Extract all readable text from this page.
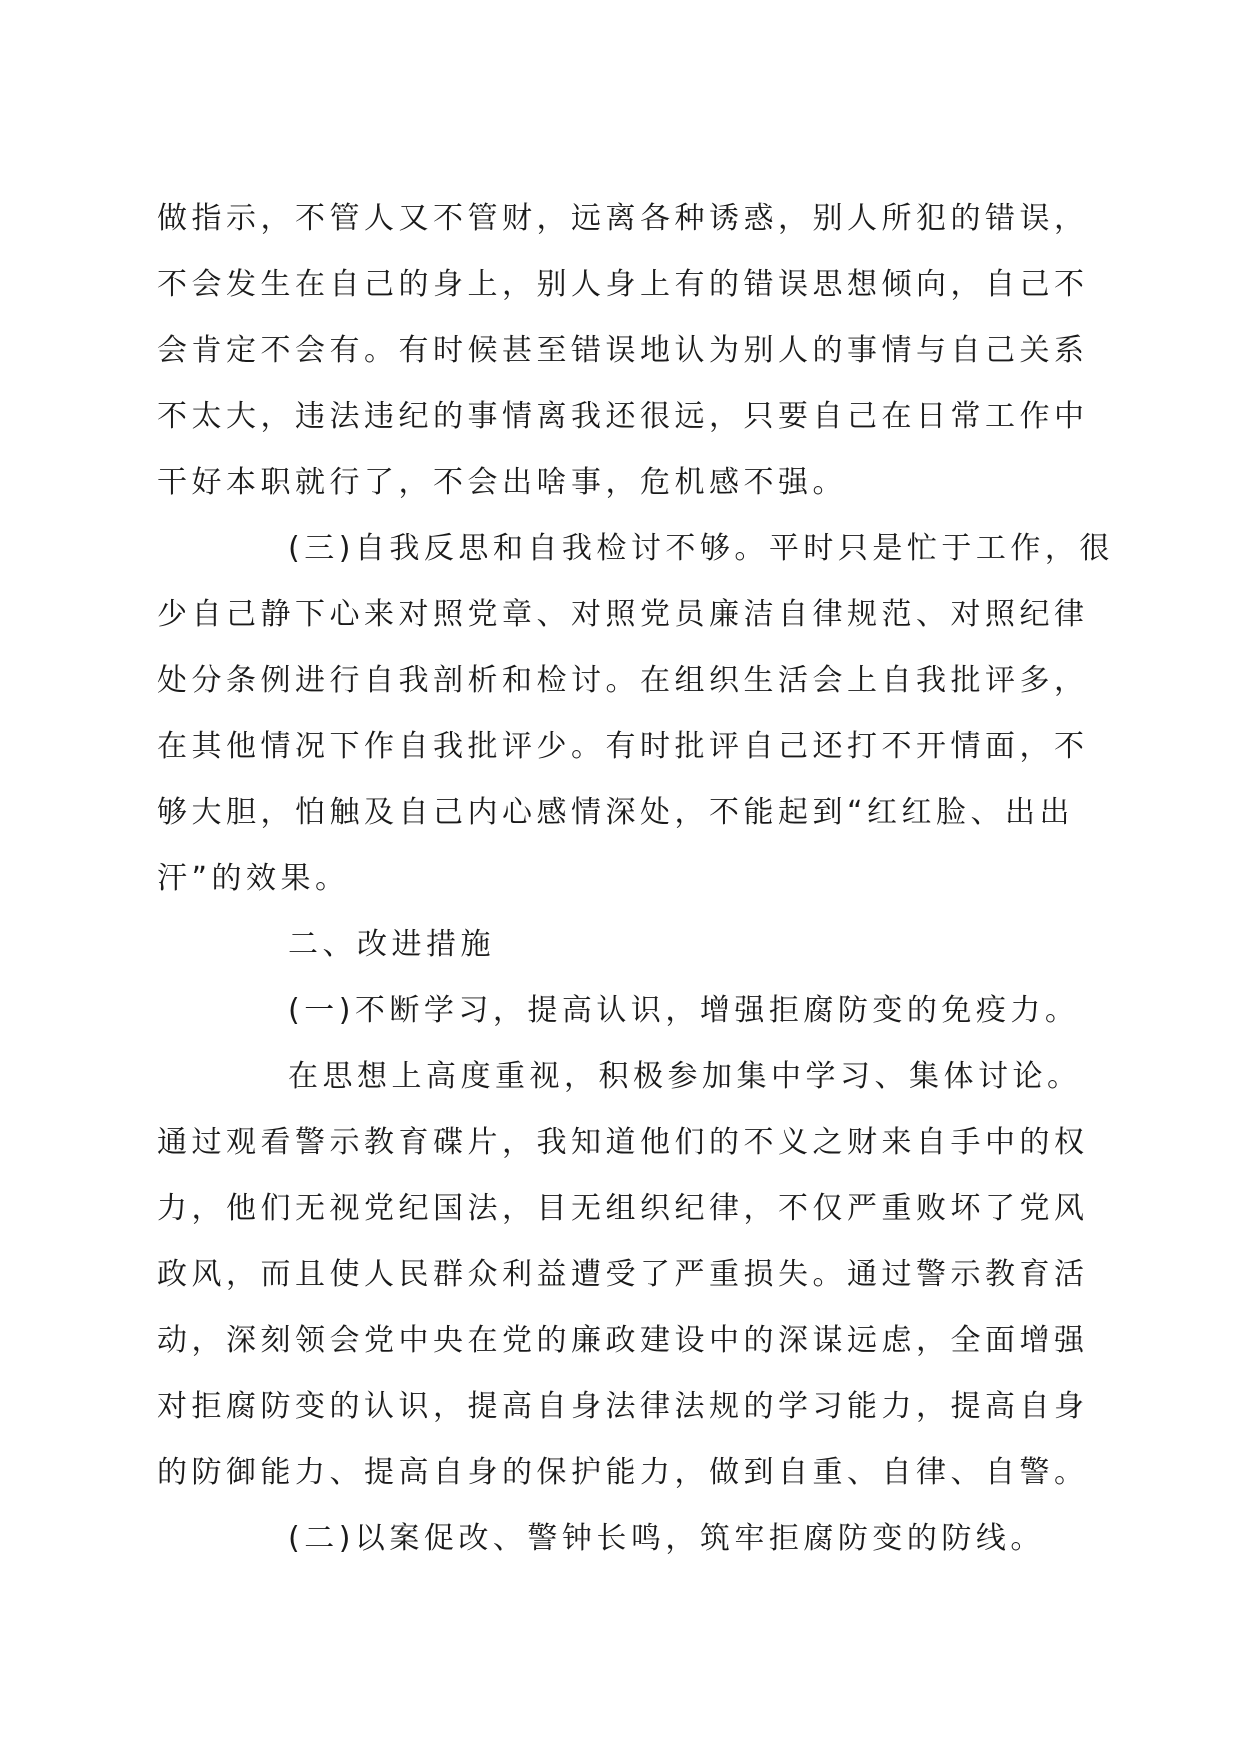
做指示，不管人又不管财，远离各种诱惑，别人所犯的错误，
不会发生在自己的身上，别人身上有的错误思想倾向，自己不
会肯定不会有。有时候甚至错误地认为别人的事情与自己关系
不太大，违法违纪的事情离我还很远，只要自己在日常工作中
干好本职就行了，不会出啥事，危机感不强。
(三)自我反思和自我检讨不够。平时只是忙于工作，很
少自己静下心来对照党章、对照党员廉洁自律规范、对照纪律
处分条例进行自我剖析和检讨。在组织生活会上自我批评多，
在其他情况下作自我批评少。有时批评自己还打不开情面，不
够大胆，怕触及自己内心感情深处，不能起到“红红脸、出出
汗”的效果。
二、改进措施
(一)不断学习，提高认识，增强拒腐防变的免疫力。
在思想上高度重视，积极参加集中学习、集体讨论。
通过观看警示教育碟片，我知道他们的不义之财来自手中的权
力，他们无视党纪国法，目无组织纪律，不仅严重败坏了党风
政风，而且使人民群众利益遭受了严重损失。通过警示教育活
动，深刻领会党中央在党的廉政建设中的深谋远虑，全面增强
对拒腐防变的认识，提高自身法律法规的学习能力，提高自身
的防御能力、提高自身的保护能力，做到自重、自律、自警。
(二)以案促改、警钟长鸣，筑牢拒腐防变的防线。
